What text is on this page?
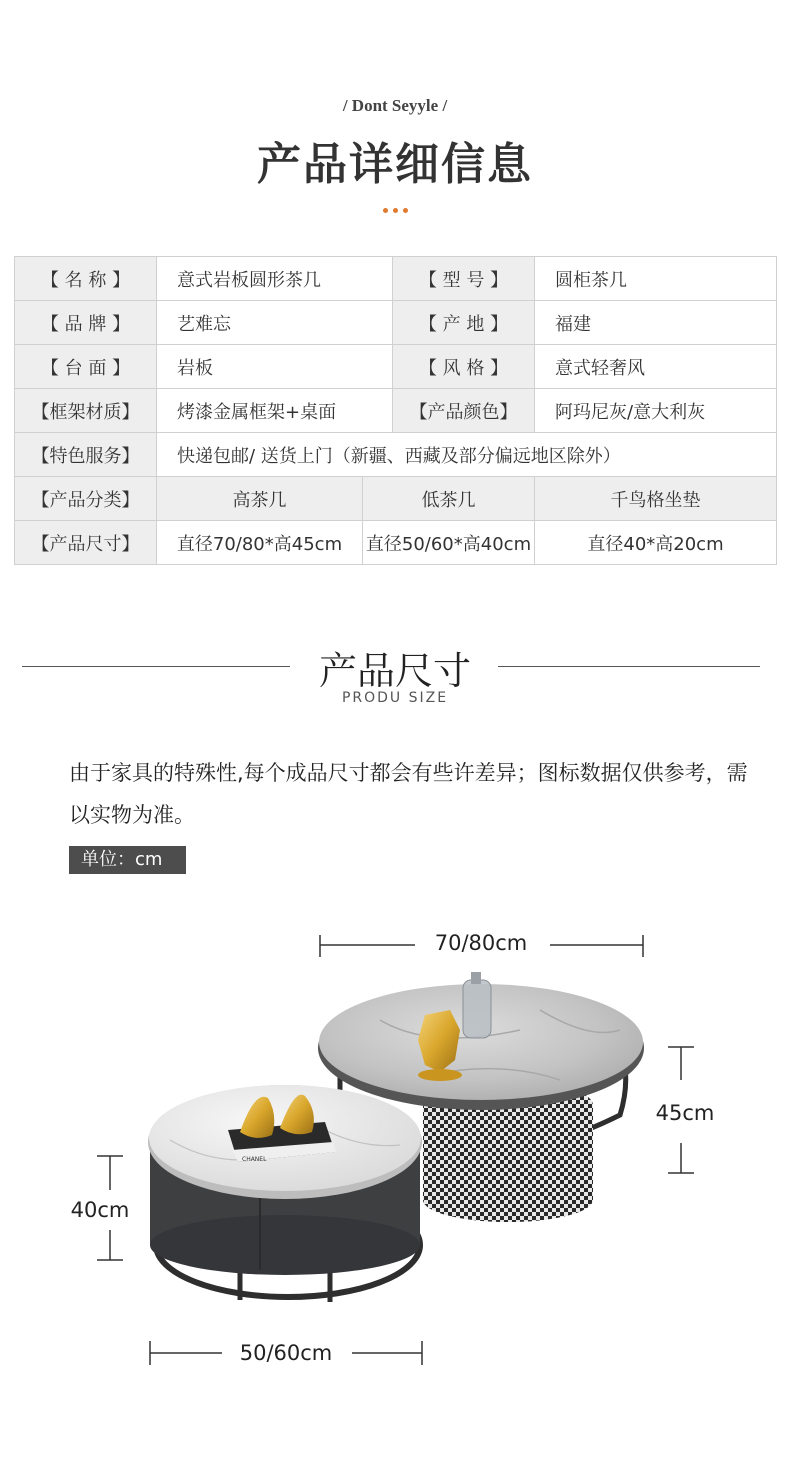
/ Dont Seyyle /
产品详细信息
【 名 称 】	意式岩板圆形茶几		【 型 号 】	圆柜茶几
【 品 牌 】	艺难忘		【 产 地 】	福建
【 台 面 】	岩板		【 风 格 】	意式轻奢风
【框架材质】	烤漆金属框架+桌面		【产品颜色】	阿玛尼灰/意大利灰
【特色服务】	快递包邮/ 送货上门（新疆、西藏及部分偏远地区除外）			
【产品分类】	高茶几	低茶几		千鸟格坐垫
【产品尺寸】	直径70/80*高45cm	直径50/60*高40cm		直径40*高20cm
产品尺寸
PRODU SIZE
由于家具的特殊性,每个成品尺寸都会有些许差异；图标数据仅供参考，需以实物为准。
单位：cm
CHANEL
70/80cm
45cm
40cm
50/60cm
